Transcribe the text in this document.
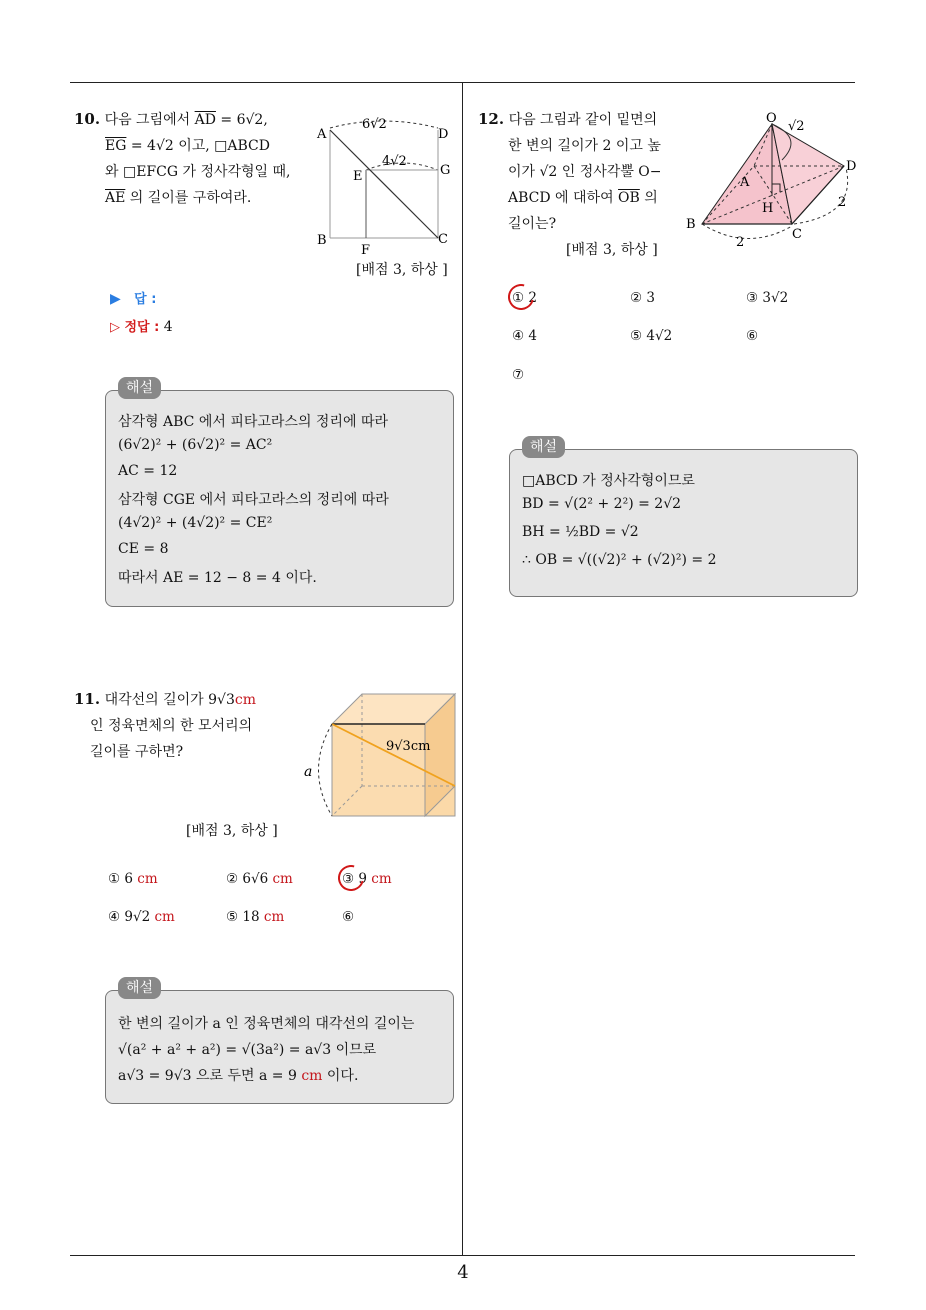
4
10. 다음 그림에서 $\overline{AD} = 6√2$,
$\overline{EG} = 4√2$ 이고, □ABCD
와 □EFCG 가 정사각형일 때,
$\overline{AE}$ 의 길이를 구하여라.
6√2
4√2
A	D
E	G
B
F
C
[배점 3, 하상 ]
▶ 답 :
▷ 정답 : 4
삼각형 ABC 에서 피타고라스의 정리에 따라
(6√2)² + (6√2)² = AC²
AC = 12
삼각형 CGE 에서 피타고라스의 정리에 따라
(4√2)² + (4√2)² = CE²
CE = 8
따라서 AE = 12 − 8 = 4 이다.
해설
11. 대각선의 길이가 9√3cm
인 정육면체의 한 모서리의
길이를 구하면?	9√3cm
a
[배점 3, 하상 ]
① 6 cm	② 6√6 cm	③ 9 cm
④ 9√2 cm	⑤ 18 cm	⑥
한 변의 길이가 a 인 정육면체의 대각선의 길이는
√(a² + a² + a²) = √(3a²) = a√3 이므로
a√3 = 9√3 으로 두면 a = 9 cm 이다.
해설
12. 다음 그림과 같이 밑면의
한 변의 길이가 2 이고 높
이가 √2 인 정사각뿔 O−
ABCD 에 대하여 $\overline{OB}$ 의
길이는?
O
√2
D
A
H
B
C
2
2
[배점 3, 하상 ]
① 2	② 3	③ 3√2
④ 4	⑤ 4√2	⑥
⑦
□ABCD 가 정사각형이므로
BD = √(2² + 2²) = 2√2
BH = ½BD = √2
∴ OB = √((√2)² + (√2)²) = 2
해설
